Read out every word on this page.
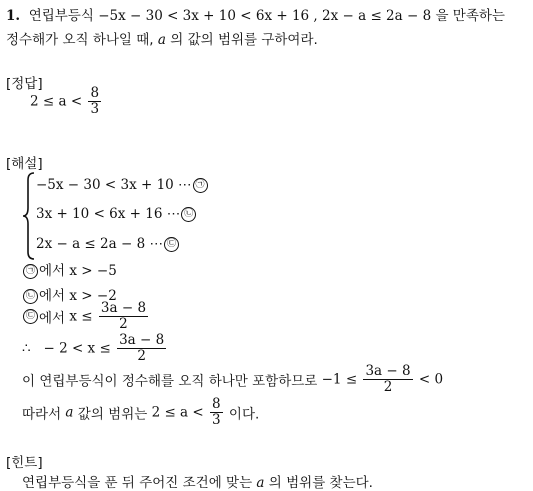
1. 연립부등식 −5x − 30 < 3x + 10 < 6x + 16 , 2x − a ≤ 2a − 8 을 만족하는
정수해가 오직 하나일 때, a 의 값의 범위를 구하여라.
[정답]
$2 \le a < \frac{8}{3}$
[해설]
−5x − 30 < 3x + 10 ⋯ ㉠
3x + 10 < 6x + 16 ⋯ ㉡
2x − a ≤ 2a − 8 ⋯ ㉢
㉠ 에서 x > −5
㉡ 에서 x > −2
㉢ 에서 $x \le \frac{3a - 8}{2}$
∴ − $2 < x \le \frac{3a - 8}{2}$
이 연립부등식이 정수해를 오직 하나만 포함하므로 $-1 \le \frac{3a - 8}{2} < 0$
따라서 a 값의 범위는 $2 \le a < \frac{8}{3}$ 이다.
[힌트]
연립부등식을 푼 뒤 주어진 조건에 맞는 a 의 범위를 찾는다.
